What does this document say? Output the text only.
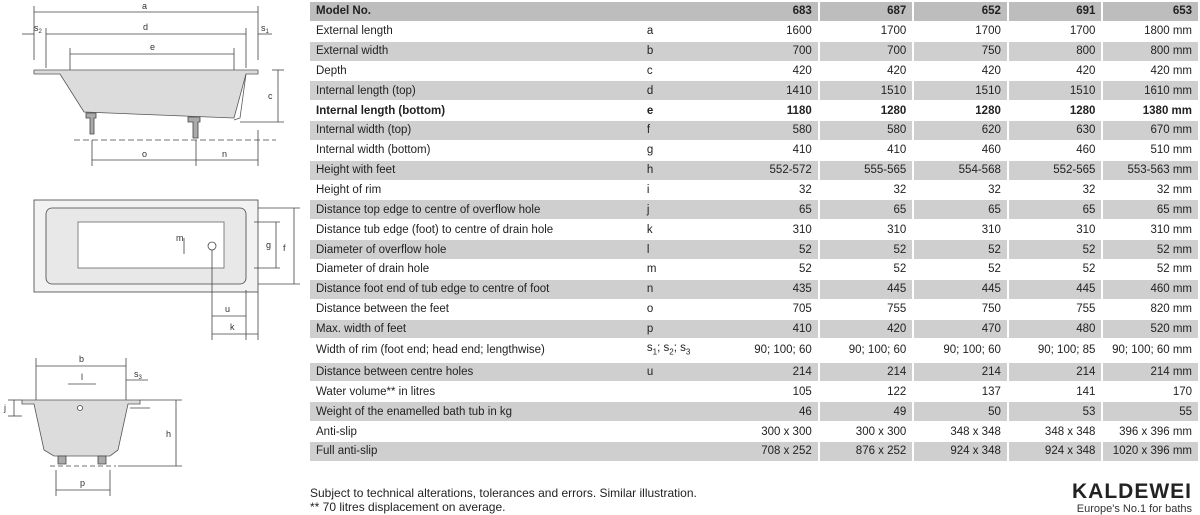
a
$s_2$	d	$s_1$
e
c
o	n
m
g f
u
k
b
l	$s_3$
j
h
p
Model No.		683	687	652	691	653
External length	a	1600	1700	1700	1700	1800 mm
External width	b	700	700	750	800	800 mm
Depth	c	420	420	420	420	420 mm
Internal length (top)	d	1410	1510	1510	1510	1610 mm
Internal length (bottom)	e	1180	1280	1280	1280	1380 mm
Internal width (top)	f	580	580	620	630	670 mm
Internal width (bottom)	g	410	410	460	460	510 mm
Height with feet	h	552-572	555-565	554-568	552-565	553-563 mm
Height of rim	i	32	32	32	32	32 mm
Distance top edge to centre of overflow hole	j	65	65	65	65	65 mm
Distance tub edge (foot) to centre of drain hole	k	310	310	310	310	310 mm
Diameter of overflow hole	l	52	52	52	52	52 mm
Diameter of drain hole	m	52	52	52	52	52 mm
Distance foot end of tub edge to centre of foot	n	435	445	445	445	460 mm
Distance between the feet	o	705	755	750	755	820 mm
Max. width of feet	p	410	420	470	480	520 mm
Width of rim (foot end; head end; lengthwise)	$s_1$; $s_2$; $s_3$	90; 100; 60	90; 100; 60	90; 100; 60	90; 100; 85	90; 100; 60 mm
Distance between centre holes	u	214	214	214	214	214 mm
Water volume** in litres		105	122	137	141	170
Weight of the enamelled bath tub in kg		46	49	50	53	55
Anti-slip		300 x 300	300 x 300	348 x 348	348 x 348	396 x 396 mm
Full anti-slip		708 x 252	876 x 252	924 x 348	924 x 348	1020 x 396 mm
Subject to technical alterations, tolerances and errors. Similar illustration.
** 70 litres displacement on average.
KALDEWEI
Europe's No.1 for baths
